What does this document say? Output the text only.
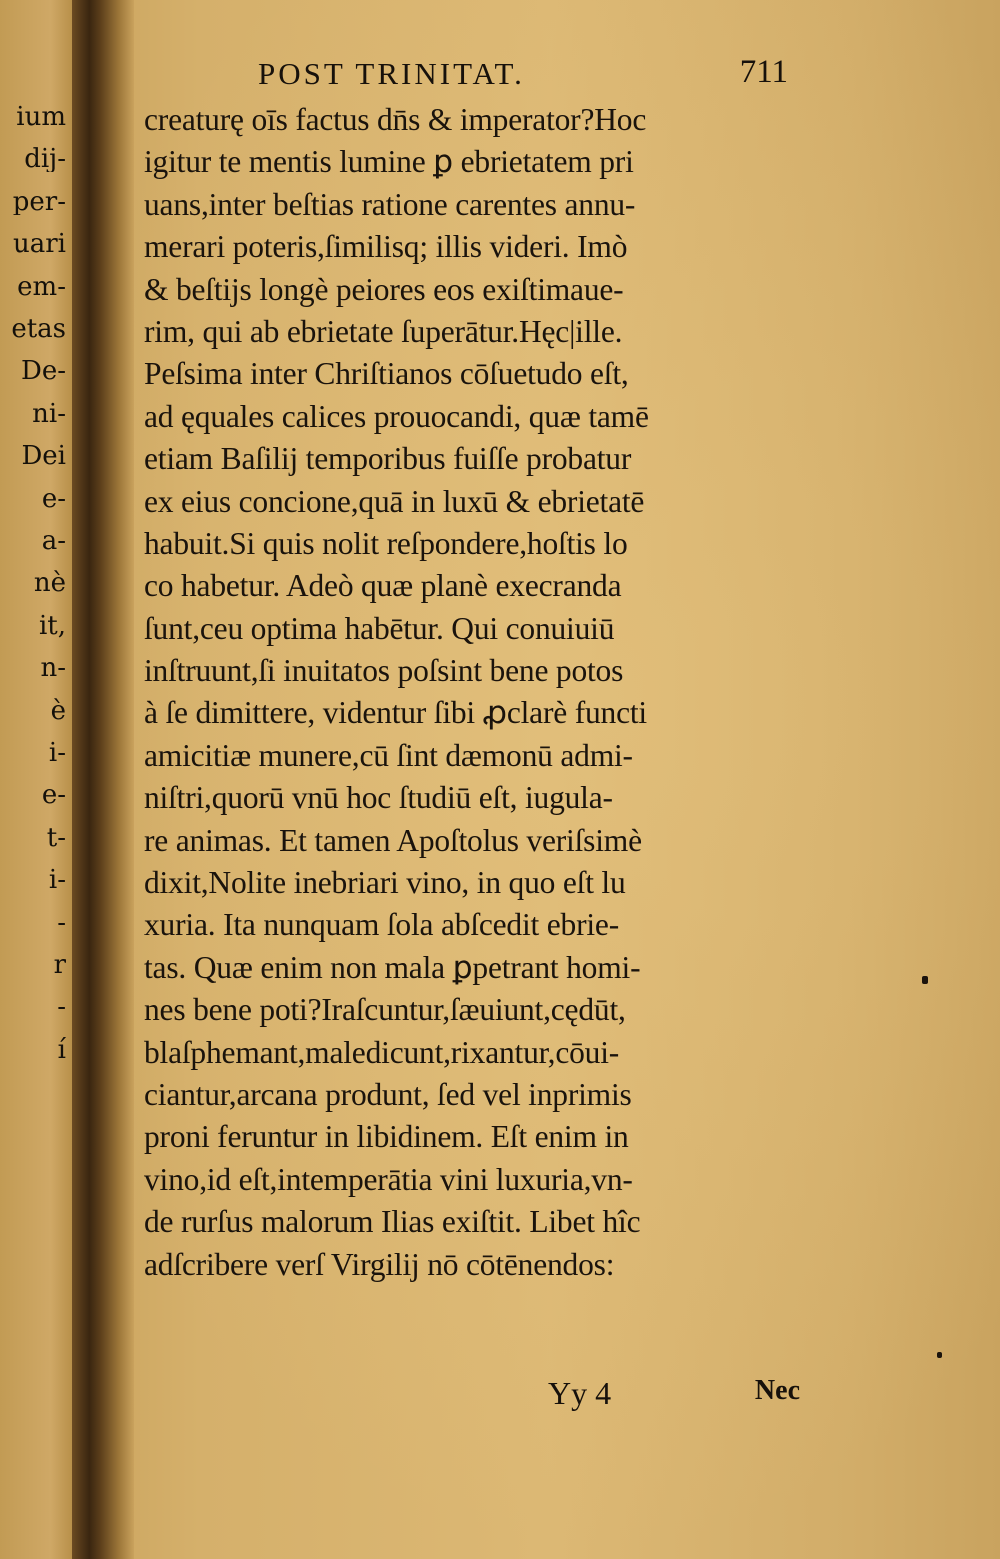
ium
dij-
per-
uari
em-
etas
De-
ni-
Dei
e-
a-
nè
it,
n-
è
i-
e-
t-
i-
-
r
-
í
POST TRINITAT.	711
creaturę oīs factus dn̄s & imperator?Hoc
igitur te mentis lumine ꝑ ebrietatem pri
uans,inter beſtias ratione carentes annu-
merari poteris,ſimilisq; illis videri. Imò
& beſtijs longè peiores eos exiſtimaue-
rim, qui ab ebrietate ſuperātur.Hęc|ille.
Peſsima inter Chriſtianos cōſuetudo eſt,
ad ęquales calices prouocandi, quæ tamē
etiam Baſilij temporibus fuiſſe probatur
ex eius concione,quā in luxū & ebrietatē
habuit.Si quis nolit reſpondere,hoſtis lo
co habetur. Adeò quæ planè execranda
ſunt,ceu optima habētur. Qui conuiuiū
inſtruunt,ſi inuitatos poſsint bene potos
à ſe dimittere, videntur ſibi ꝓclarè functi
amicitiæ munere,cū ſint dæmonū admi-
niſtri,quorū vnū hoc ſtudiū eſt, iugula-
re animas. Et tamen Apoſtolus veriſsimè
dixit,Nolite inebriari vino, in quo eſt lu
xuria. Ita nunquam ſola abſcedit ebrie-
tas. Quæ enim non mala ꝑpetrant homi-
nes bene poti?Iraſcuntur,ſæuiunt,cędūt,
blaſphemant,maledicunt,rixantur,cōui-
ciantur,arcana produnt, ſed vel inprimis
proni feruntur in libidinem. Eſt enim in
vino,id eſt,intemperātia vini luxuria,vn-
de rurſus malorum Ilias exiſtit. Libet hîc
adſcribere verſ Virgilij nō cōtēnendos:
Yy 4	Nec
